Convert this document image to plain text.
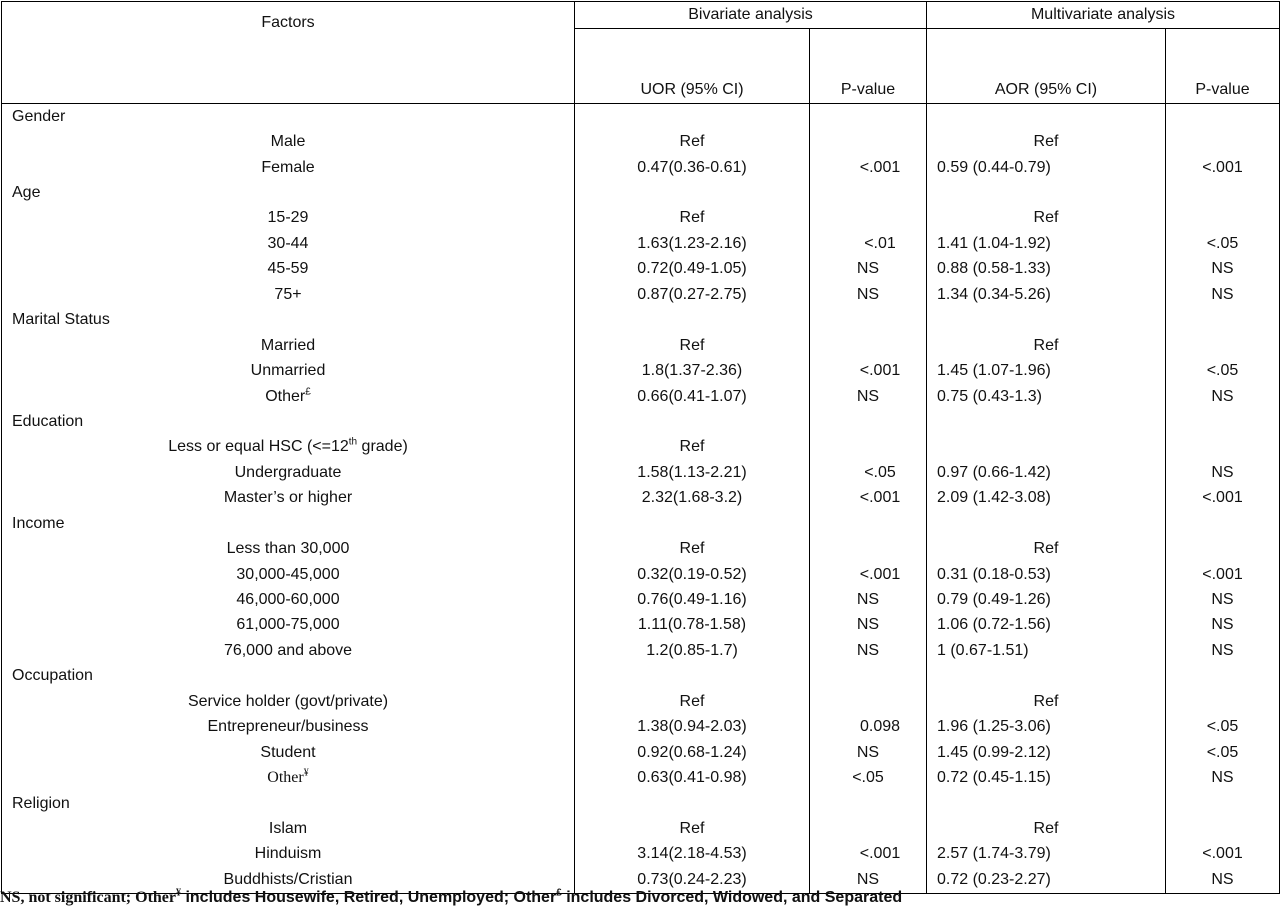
Factors	Bivariate analysis		Multivariate analysis	
	UOR (95% CI)	P-value	AOR (95% CI)	P-value
Gender				
Male	Ref		Ref	
Female	0.47(0.36-0.61)	<.001	0.59 (0.44-0.79)	<.001
Age				
15-29	Ref		Ref	
30-44	1.63(1.23-2.16)	<.01	1.41 (1.04-1.92)	<.05
45-59	0.72(0.49-1.05)	NS	0.88 (0.58-1.33)	NS
75+	0.87(0.27-2.75)	NS	1.34 (0.34-5.26)	NS
Marital Status				
Married	Ref		Ref	
Unmarried	1.8(1.37-2.36)	<.001	1.45 (1.07-1.96)	<.05
Other£	0.66(0.41-1.07)	NS	0.75 (0.43-1.3)	NS
Education				
Less or equal HSC (<=12th grade)	Ref			
Undergraduate	1.58(1.13-2.21)	<.05	0.97 (0.66-1.42)	NS
Master’s or higher	2.32(1.68-3.2)	<.001	2.09 (1.42-3.08)	<.001
Income				
Less than 30,000	Ref		Ref	
30,000-45,000	0.32(0.19-0.52)	<.001	0.31 (0.18-0.53)	<.001
46,000-60,000	0.76(0.49-1.16)	NS	0.79 (0.49-1.26)	NS
61,000-75,000	1.11(0.78-1.58)	NS	1.06 (0.72-1.56)	NS
76,000 and above	1.2(0.85-1.7)	NS	1 (0.67-1.51)	NS
Occupation				
Service holder (govt/private)	Ref		Ref	
Entrepreneur/business	1.38(0.94-2.03)	0.098	1.96 (1.25-3.06)	<.05
Student	0.92(0.68-1.24)	NS	1.45 (0.99-2.12)	<.05
Other¥	0.63(0.41-0.98)	<.05	0.72 (0.45-1.15)	NS
Religion				
Islam	Ref		Ref	
Hinduism	3.14(2.18-4.53)	<.001	2.57 (1.74-3.79)	<.001
Buddhists/Cristian	0.73(0.24-2.23)	NS	0.72 (0.23-2.27)	NS
NS, not significant; Other¥ includes Housewife, Retired, Unemployed; Other£ includes Divorced, Widowed, and Separated
